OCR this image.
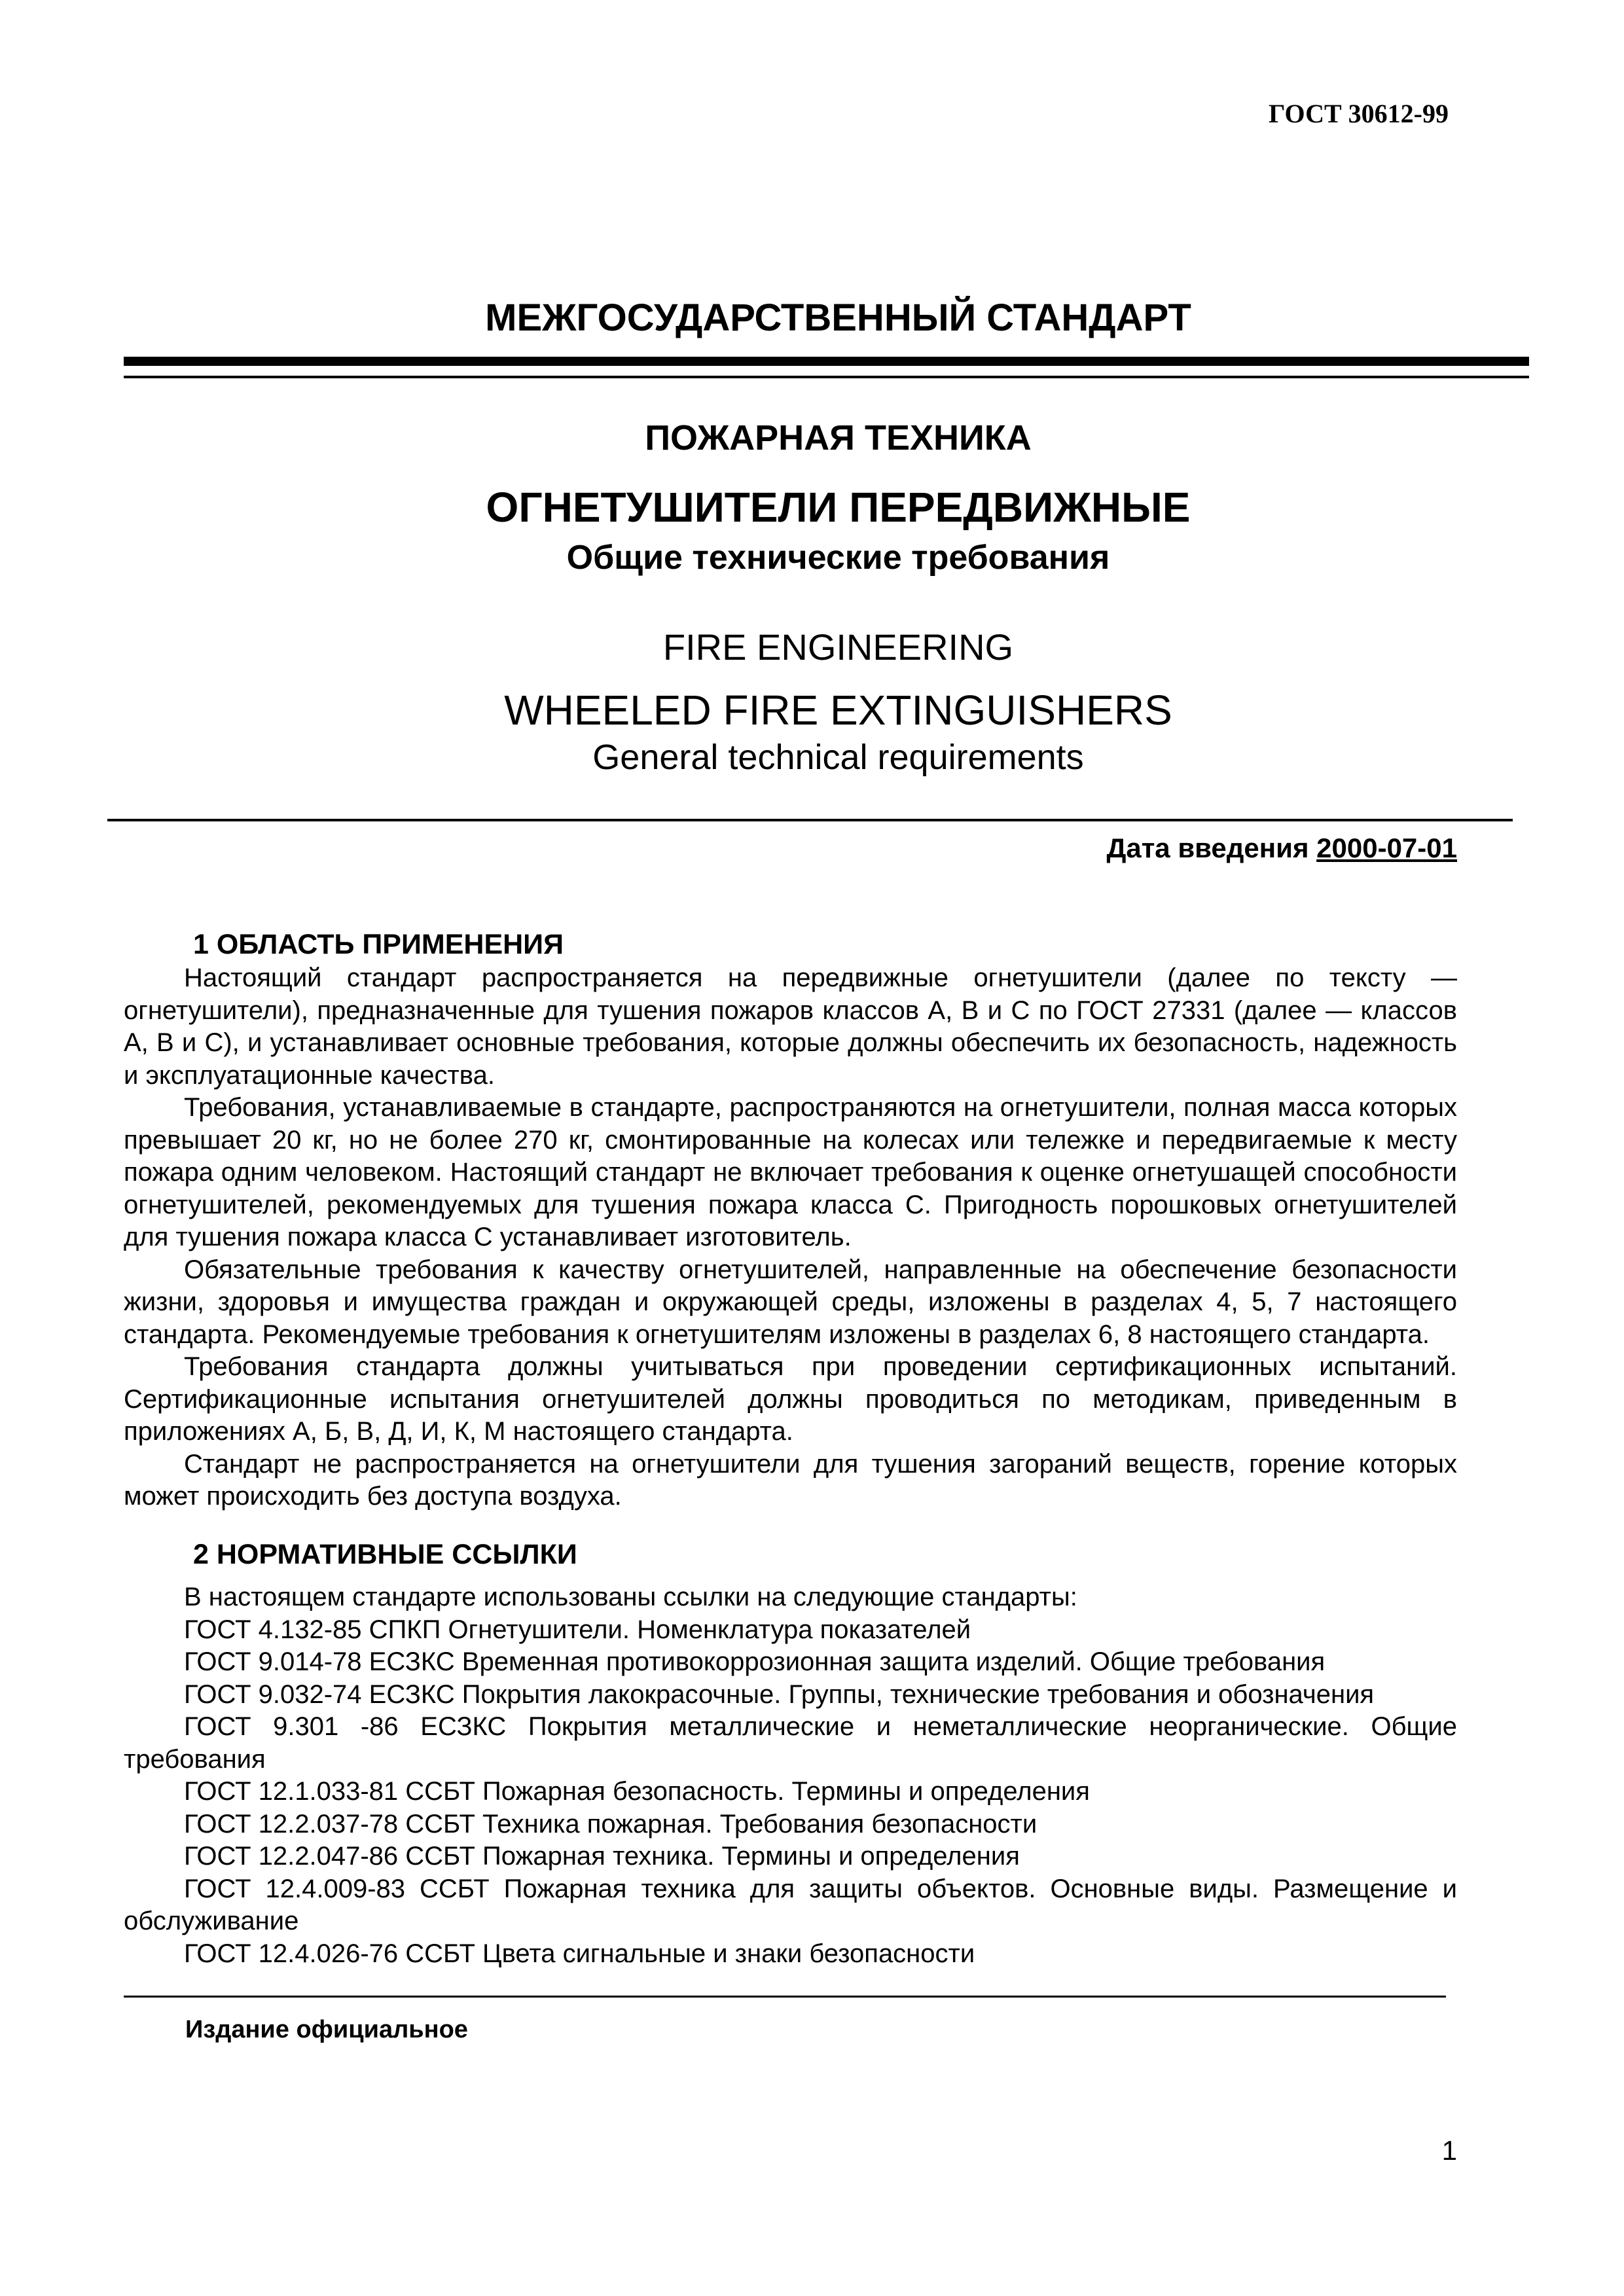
ГОСТ 30612-99
МЕЖГОСУДАРСТВЕННЫЙ СТАНДАРТ
ПОЖАРНАЯ ТЕХНИКА
ОГНЕТУШИТЕЛИ ПЕРЕДВИЖНЫЕ
Общие технические требования
FIRE ENGINEERING
WHEELED FIRE EXTINGUISHERS
General technical requirements
Дата введения 2000-07-01
1 ОБЛАСТЬ ПРИМЕНЕНИЯ

Настоящий стандарт распространяется на передвижные огнетушители (далее по тексту — огнетушители), предназначенные для тушения пожаров классов А, В и С по ГОСТ 27331 (далее — классов А, В и С), и устанавливает основные требования, которые должны обеспечить их безопасность, надежность и эксплуатационные качества.

Требования, устанавливаемые в стандарте, распространяются на огнетушители, полная масса которых превышает 20 кг, но не более 270 кг, смонтированные на колесах или тележке и передвигаемые к месту пожара одним человеком. Настоящий стандарт не включает требования к оценке огнетушащей способности огнетушителей, рекомендуемых для тушения пожара класса С. Пригодность порошковых огнетушителей для тушения пожара класса С устанавливает изготовитель.

Обязательные требования к качеству огнетушителей, направленные на обеспечение безопасности жизни, здоровья и имущества граждан и окружающей среды, изложены в разделах 4, 5, 7 настоящего стандарта. Рекомендуемые требования к огнетушителям изложены в разделах 6, 8 настоящего стандарта.

Требования стандарта должны учитываться при проведении сертификационных испытаний. Сертификационные испытания огнетушителей должны проводиться по методикам, приведенным в приложениях А, Б, В, Д, И, К, М настоящего стандарта.

Стандарт не распространяется на огнетушители для тушения загораний веществ, горение которых может происходить без доступа воздуха.

2 НОРМАТИВНЫЕ ССЫЛКИ
В настоящем стандарте использованы ссылки на следующие стандарты:
ГОСТ 4.132-85 СПКП Огнетушители. Номенклатура показателей
ГОСТ 9.014-78 ЕСЗКС Временная противокоррозионная защита изделий. Общие требования
ГОСТ 9.032-74 ЕСЗКС Покрытия лакокрасочные. Группы, технические требования и обозначения
ГОСТ 9.301 -86 ЕСЗКС Покрытия металлические и неметаллические неорганические. Общие требования
ГОСТ 12.1.033-81 ССБТ Пожарная безопасность. Термины и определения
ГОСТ 12.2.037-78 ССБТ Техника пожарная. Требования безопасности
ГОСТ 12.2.047-86 ССБТ Пожарная техника. Термины и определения
ГОСТ 12.4.009-83 ССБТ Пожарная техника для защиты объектов. Основные виды. Размещение и обслуживание
ГОСТ 12.4.026-76 ССБТ Цвета сигнальные и знаки безопасности
Издание официальное
1
